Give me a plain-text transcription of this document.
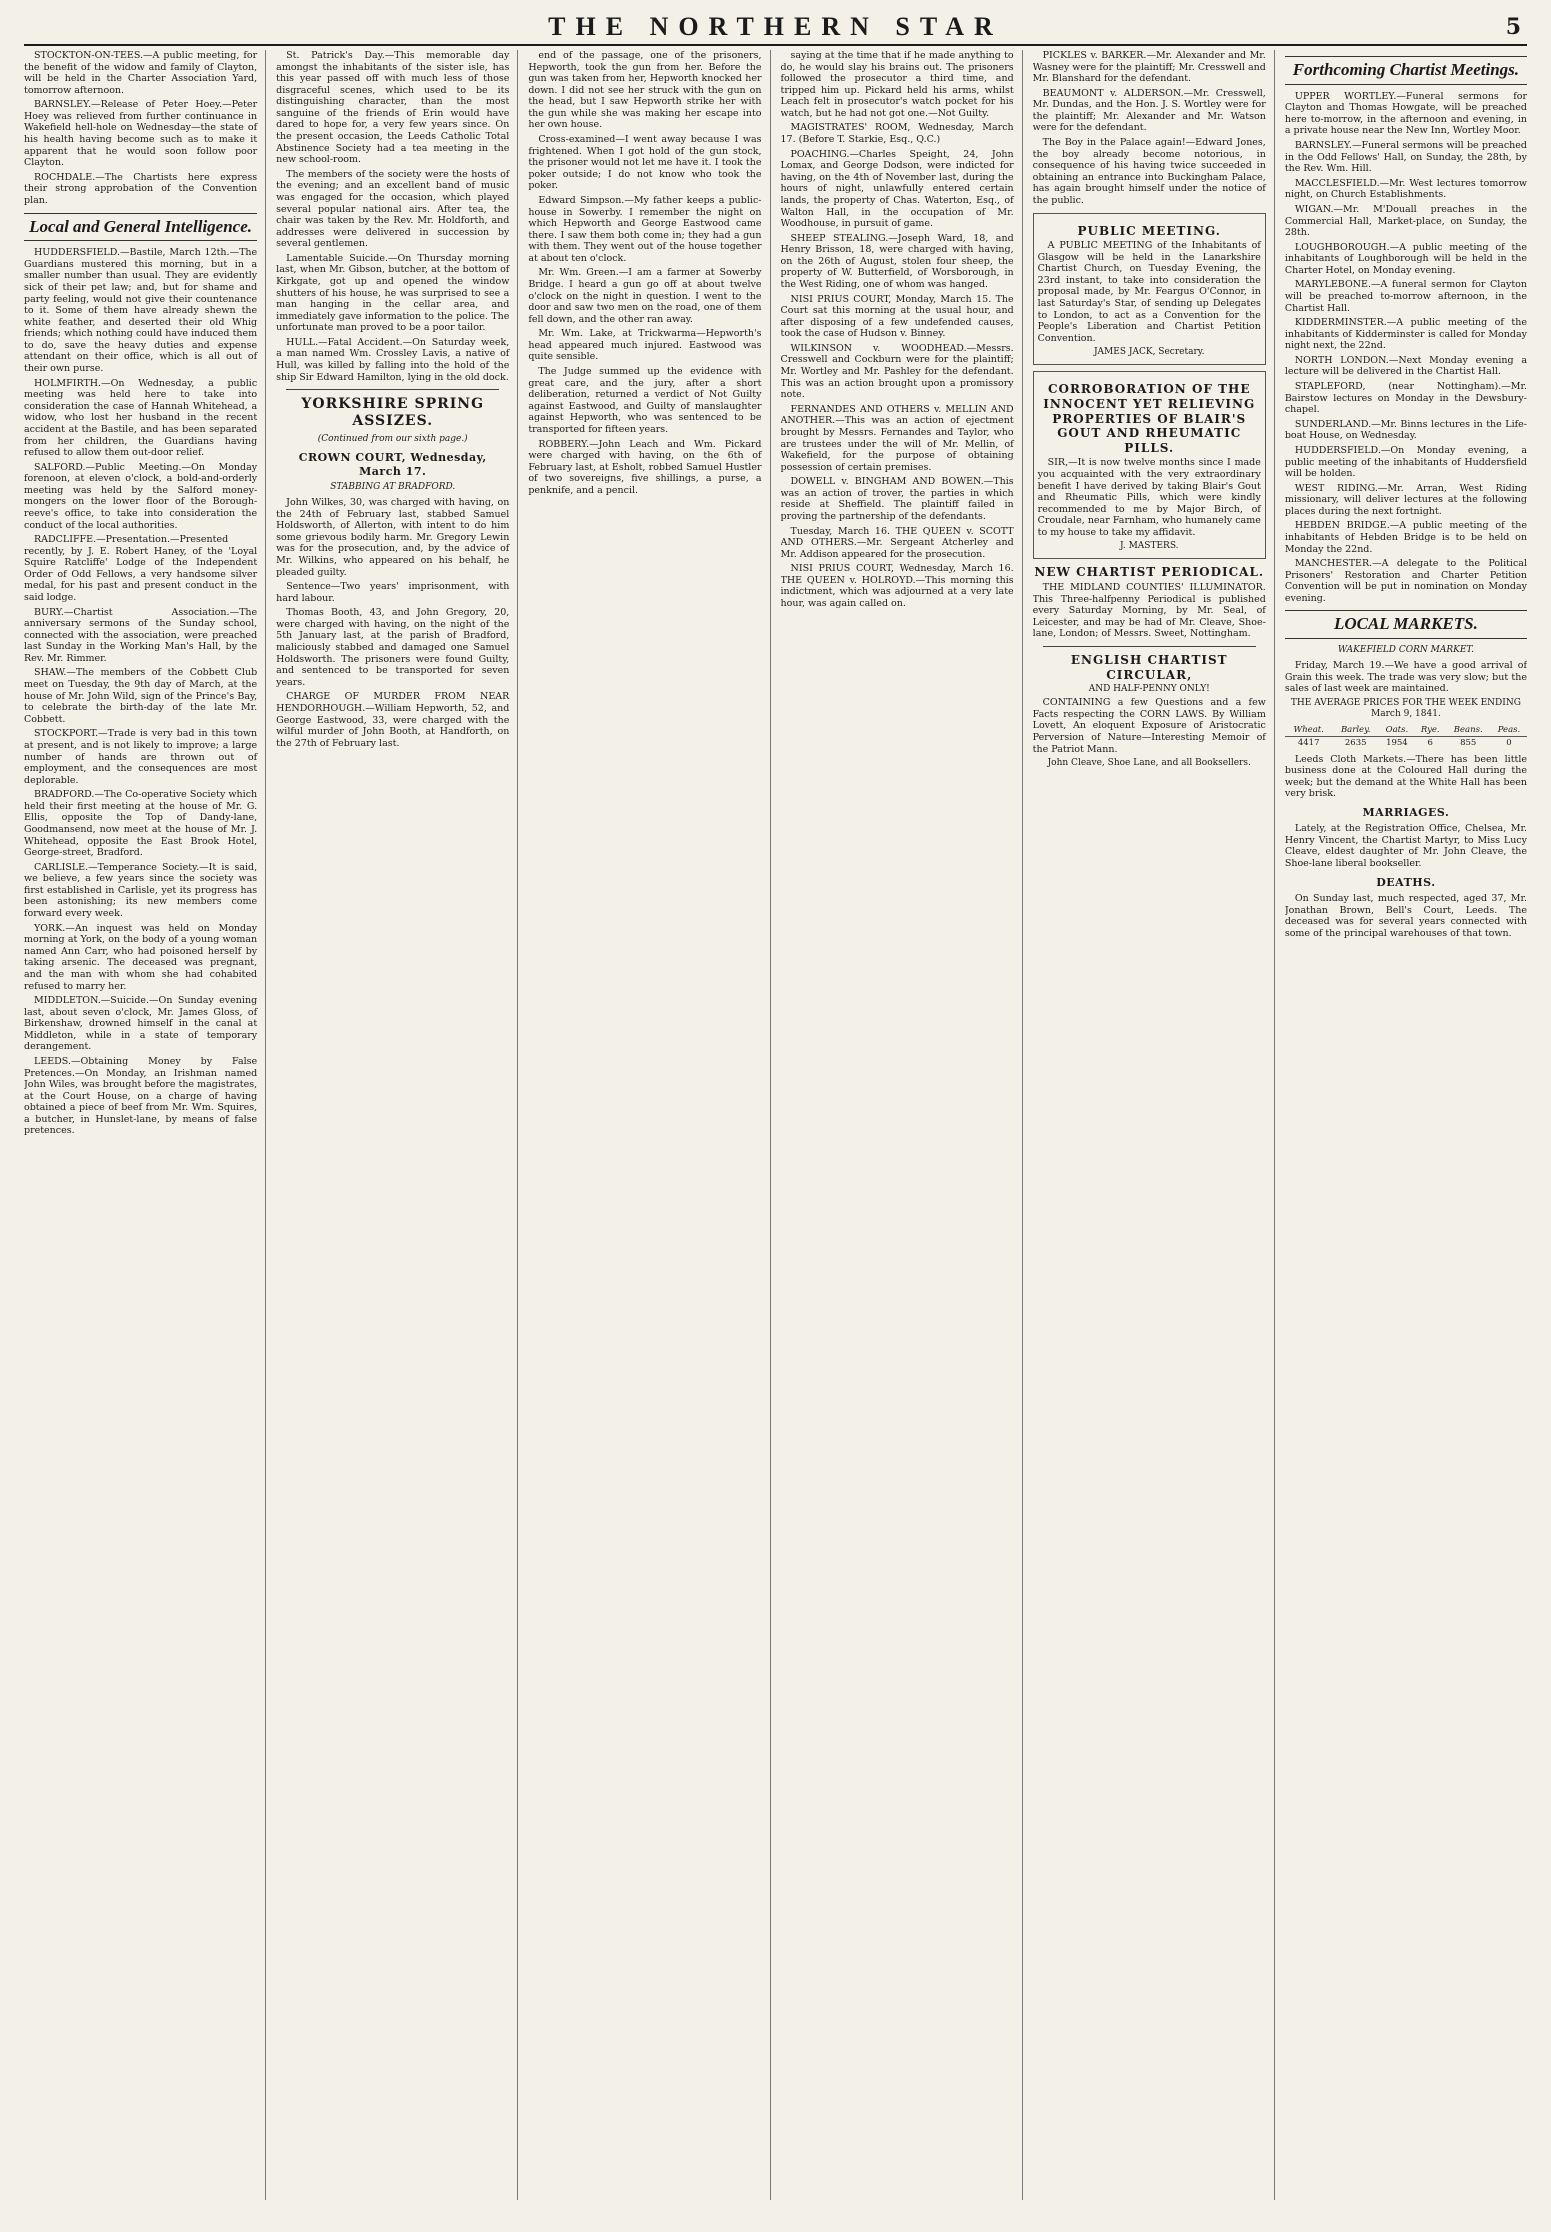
THE NORTHERN STAR	5

STOCKTON-ON-TEES.—A public meeting, for the benefit of the widow and family of Clayton, will be held in the Charter Association Yard, tomorrow afternoon.

BARNSLEY.—Release of Peter Hoey.—Peter Hoey was relieved from further continuance in Wakefield hell-hole on Wednesday—the state of his health having become such as to make it apparent that he would soon follow poor Clayton.

ROCHDALE.—The Chartists here express their strong approbation of the Convention plan.

Local and General Intelligence.

HUDDERSFIELD.—Bastile, March 12th.—The Guardians mustered this morning, but in a smaller number than usual. They are evidently sick of their pet law; and, but for shame and party feeling, would not give their countenance to it. Some of them have already shewn the white feather, and deserted their old Whig friends; which nothing could have induced them to do, save the heavy duties and expense attendant on their office, which is all out of their own purse.

HOLMFIRTH.—On Wednesday, a public meeting was held here to take into consideration the case of Hannah Whitehead, a widow, who lost her husband in the recent accident at the Bastile, and has been separated from her children, the Guardians having refused to allow them out-door relief.

SALFORD.—Public Meeting.—On Monday forenoon, at eleven o'clock, a bold-and-orderly meeting was held by the Salford money-mongers on the lower floor of the Borough-reeve's office, to take into consideration the conduct of the local authorities.

RADCLIFFE.—Presentation.—Presented recently, by J. E. Robert Haney, of the 'Loyal Squire Ratcliffe' Lodge of the Independent Order of Odd Fellows, a very handsome silver medal, for his past and present conduct in the said lodge.

BURY.—Chartist Association.—The anniversary sermons of the Sunday school, connected with the association, were preached last Sunday in the Working Man's Hall, by the Rev. Mr. Rimmer.

SHAW.—The members of the Cobbett Club meet on Tuesday, the 9th day of March, at the house of Mr. John Wild, sign of the Prince's Bay, to celebrate the birth-day of the late Mr. Cobbett.

STOCKPORT.—Trade is very bad in this town at present, and is not likely to improve; a large number of hands are thrown out of employment, and the consequences are most deplorable.

BRADFORD.—The Co-operative Society which held their first meeting at the house of Mr. G. Ellis, opposite the Top of Dandy-lane, Goodmansend, now meet at the house of Mr. J. Whitehead, opposite the East Brook Hotel, George-street, Bradford.

CARLISLE.—Temperance Society.—It is said, we believe, a few years since the society was first established in Carlisle, yet its progress has been astonishing; its new members come forward every week.

YORK.—An inquest was held on Monday morning at York, on the body of a young woman named Ann Carr, who had poisoned herself by taking arsenic. The deceased was pregnant, and the man with whom she had cohabited refused to marry her.

MIDDLETON.—Suicide.—On Sunday evening last, about seven o'clock, Mr. James Gloss, of Birkenshaw, drowned himself in the canal at Middleton, while in a state of temporary derangement.

LEEDS.—Obtaining Money by False Pretences.—On Monday, an Irishman named John Wiles, was brought before the magistrates, at the Court House, on a charge of having obtained a piece of beef from Mr. Wm. Squires, a butcher, in Hunslet-lane, by means of false pretences.

St. Patrick's Day.—This memorable day amongst the inhabitants of the sister isle, has this year passed off with much less of those disgraceful scenes, which used to be its distinguishing character, than the most sanguine of the friends of Erin would have dared to hope for, a very few years since. On the present occasion, the Leeds Catholic Total Abstinence Society had a tea meeting in the new school-room.

The members of the society were the hosts of the evening; and an excellent band of music was engaged for the occasion, which played several popular national airs. After tea, the chair was taken by the Rev. Mr. Holdforth, and addresses were delivered in succession by several gentlemen.

Lamentable Suicide.—On Thursday morning last, when Mr. Gibson, butcher, at the bottom of Kirkgate, got up and opened the window shutters of his house, he was surprised to see a man hanging in the cellar area, and immediately gave information to the police. The unfortunate man proved to be a poor tailor.

HULL.—Fatal Accident.—On Saturday week, a man named Wm. Crossley Lavis, a native of Hull, was killed by falling into the hold of the ship Sir Edward Hamilton, lying in the old dock.

YORKSHIRE SPRING ASSIZES.
(Continued from our sixth page.)
CROWN COURT, Wednesday, March 17.
STABBING AT BRADFORD.

John Wilkes, 30, was charged with having, on the 24th of February last, stabbed Samuel Holdsworth, of Allerton, with intent to do him some grievous bodily harm. Mr. Gregory Lewin was for the prosecution, and, by the advice of Mr. Wilkins, who appeared on his behalf, he pleaded guilty.

Sentence—Two years' imprisonment, with hard labour.

Thomas Booth, 43, and John Gregory, 20, were charged with having, on the night of the 5th January last, at the parish of Bradford, maliciously stabbed and damaged one Samuel Holdsworth. The prisoners were found Guilty, and sentenced to be transported for seven years.

CHARGE OF MURDER FROM NEAR HENDORHOUGH.—William Hepworth, 52, and George Eastwood, 33, were charged with the wilful murder of John Booth, at Handforth, on the 27th of February last.

end of the passage, one of the prisoners, Hepworth, took the gun from her. Before the gun was taken from her, Hepworth knocked her down. I did not see her struck with the gun on the head, but I saw Hepworth strike her with the gun while she was making her escape into her own house.

Cross-examined—I went away because I was frightened. When I got hold of the gun stock, the prisoner would not let me have it. I took the poker outside; I do not know who took the poker.

Edward Simpson.—My father keeps a public-house in Sowerby. I remember the night on which Hepworth and George Eastwood came there. I saw them both come in; they had a gun with them. They went out of the house together at about ten o'clock.

Mr. Wm. Green.—I am a farmer at Sowerby Bridge. I heard a gun go off at about twelve o'clock on the night in question. I went to the door and saw two men on the road, one of them fell down, and the other ran away.

Mr. Wm. Lake, at Trickwarma—Hepworth's head appeared much injured. Eastwood was quite sensible.

The Judge summed up the evidence with great care, and the jury, after a short deliberation, returned a verdict of Not Guilty against Eastwood, and Guilty of manslaughter against Hepworth, who was sentenced to be transported for fifteen years.

ROBBERY.—John Leach and Wm. Pickard were charged with having, on the 6th of February last, at Esholt, robbed Samuel Hustler of two sovereigns, five shillings, a purse, a penknife, and a pencil.

saying at the time that if he made anything to do, he would slay his brains out. The prisoners followed the prosecutor a third time, and tripped him up. Pickard held his arms, whilst Leach felt in prosecutor's watch pocket for his watch, but he had not got one.—Not Guilty.

MAGISTRATES' ROOM, Wednesday, March 17. (Before T. Starkie, Esq., Q.C.)

POACHING.—Charles Speight, 24, John Lomax, and George Dodson, were indicted for having, on the 4th of November last, during the hours of night, unlawfully entered certain lands, the property of Chas. Waterton, Esq., of Walton Hall, in the occupation of Mr. Woodhouse, in pursuit of game.

SHEEP STEALING.—Joseph Ward, 18, and Henry Brisson, 18, were charged with having, on the 26th of August, stolen four sheep, the property of W. Butterfield, of Worsborough, in the West Riding, one of whom was hanged.

NISI PRIUS COURT, Monday, March 15. The Court sat this morning at the usual hour, and after disposing of a few undefended causes, took the case of Hudson v. Binney.

WILKINSON v. WOODHEAD.—Messrs. Cresswell and Cockburn were for the plaintiff; Mr. Wortley and Mr. Pashley for the defendant. This was an action brought upon a promissory note.

FERNANDES AND OTHERS v. MELLIN AND ANOTHER.—This was an action of ejectment brought by Messrs. Fernandes and Taylor, who are trustees under the will of Mr. Mellin, of Wakefield, for the purpose of obtaining possession of certain premises.

DOWELL v. BINGHAM AND BOWEN.—This was an action of trover, the parties in which reside at Sheffield. The plaintiff failed in proving the partnership of the defendants.

Tuesday, March 16. THE QUEEN v. SCOTT AND OTHERS.—Mr. Sergeant Atcherley and Mr. Addison appeared for the prosecution.

NISI PRIUS COURT, Wednesday, March 16. THE QUEEN v. HOLROYD.—This morning this indictment, which was adjourned at a very late hour, was again called on.

PICKLES v. BARKER.—Mr. Alexander and Mr. Wasney were for the plaintiff; Mr. Cresswell and Mr. Blanshard for the defendant.

BEAUMONT v. ALDERSON.—Mr. Cresswell, Mr. Dundas, and the Hon. J. S. Wortley were for the plaintiff; Mr. Alexander and Mr. Watson were for the defendant.

The Boy in the Palace again!—Edward Jones, the boy already become notorious, in consequence of his having twice succeeded in obtaining an entrance into Buckingham Palace, has again brought himself under the notice of the public.

PUBLIC MEETING.

A PUBLIC MEETING of the Inhabitants of Glasgow will be held in the Lanarkshire Chartist Church, on Tuesday Evening, the 23rd instant, to take into consideration the proposal made, by Mr. Feargus O'Connor, in last Saturday's Star, of sending up Delegates to London, to act as a Convention for the People's Liberation and Chartist Petition Convention.

JAMES JACK, Secretary.
CORROBORATION OF THE INNOCENT YET RELIEVING PROPERTIES OF BLAIR'S GOUT AND RHEUMATIC PILLS.

SIR,—It is now twelve months since I made you acquainted with the very extraordinary benefit I have derived by taking Blair's Gout and Rheumatic Pills, which were kindly recommended to me by Major Birch, of Croudale, near Farnham, who humanely came to my house to take my affidavit.

J. MASTERS.
NEW CHARTIST PERIODICAL.

THE MIDLAND COUNTIES' ILLUMINATOR. This Three-halfpenny Periodical is published every Saturday Morning, by Mr. Seal, of Leicester, and may be had of Mr. Cleave, Shoe-lane, London; of Messrs. Sweet, Nottingham.

ENGLISH CHARTIST CIRCULAR,
AND HALF-PENNY ONLY!

CONTAINING a few Questions and a few Facts respecting the CORN LAWS. By William Lovett, An eloquent Exposure of Aristocratic Perversion of Nature—Interesting Memoir of the Patriot Mann.

John Cleave, Shoe Lane, and all Booksellers.
Forthcoming Chartist Meetings.

UPPER WORTLEY.—Funeral sermons for Clayton and Thomas Howgate, will be preached here to-morrow, in the afternoon and evening, in a private house near the New Inn, Wortley Moor.

BARNSLEY.—Funeral sermons will be preached in the Odd Fellows' Hall, on Sunday, the 28th, by the Rev. Wm. Hill.

MACCLESFIELD.—Mr. West lectures tomorrow night, on Church Establishments.

WIGAN.—Mr. M'Douall preaches in the Commercial Hall, Market-place, on Sunday, the 28th.

LOUGHBOROUGH.—A public meeting of the inhabitants of Loughborough will be held in the Charter Hotel, on Monday evening.

MARYLEBONE.—A funeral sermon for Clayton will be preached to-morrow afternoon, in the Chartist Hall.

KIDDERMINSTER.—A public meeting of the inhabitants of Kidderminster is called for Monday night next, the 22nd.

NORTH LONDON.—Next Monday evening a lecture will be delivered in the Chartist Hall.

STAPLEFORD, (near Nottingham).—Mr. Bairstow lectures on Monday in the Dewsbury-chapel.

SUNDERLAND.—Mr. Binns lectures in the Life-boat House, on Wednesday.

HUDDERSFIELD.—On Monday evening, a public meeting of the inhabitants of Huddersfield will be holden.

WEST RIDING.—Mr. Arran, West Riding missionary, will deliver lectures at the following places during the next fortnight.

HEBDEN BRIDGE.—A public meeting of the inhabitants of Hebden Bridge is to be held on Monday the 22nd.

MANCHESTER.—A delegate to the Political Prisoners' Restoration and Charter Petition Convention will be put in nomination on Monday evening.

LOCAL MARKETS.
WAKEFIELD CORN MARKET.

Friday, March 19.—We have a good arrival of Grain this week. The trade was very slow; but the sales of last week are maintained.

THE AVERAGE PRICES FOR THE WEEK ENDING March 9, 1841.
Wheat.	Barley.	Oats.	Rye.	Beans.	Peas.
4417	2635	1954	6	855	0

Leeds Cloth Markets.—There has been little business done at the Coloured Hall during the week; but the demand at the White Hall has been very brisk.

MARRIAGES.

Lately, at the Registration Office, Chelsea, Mr. Henry Vincent, the Chartist Martyr, to Miss Lucy Cleave, eldest daughter of Mr. John Cleave, the Shoe-lane liberal bookseller.

DEATHS.

On Sunday last, much respected, aged 37, Mr. Jonathan Brown, Bell's Court, Leeds. The deceased was for several years connected with some of the principal warehouses of that town.
